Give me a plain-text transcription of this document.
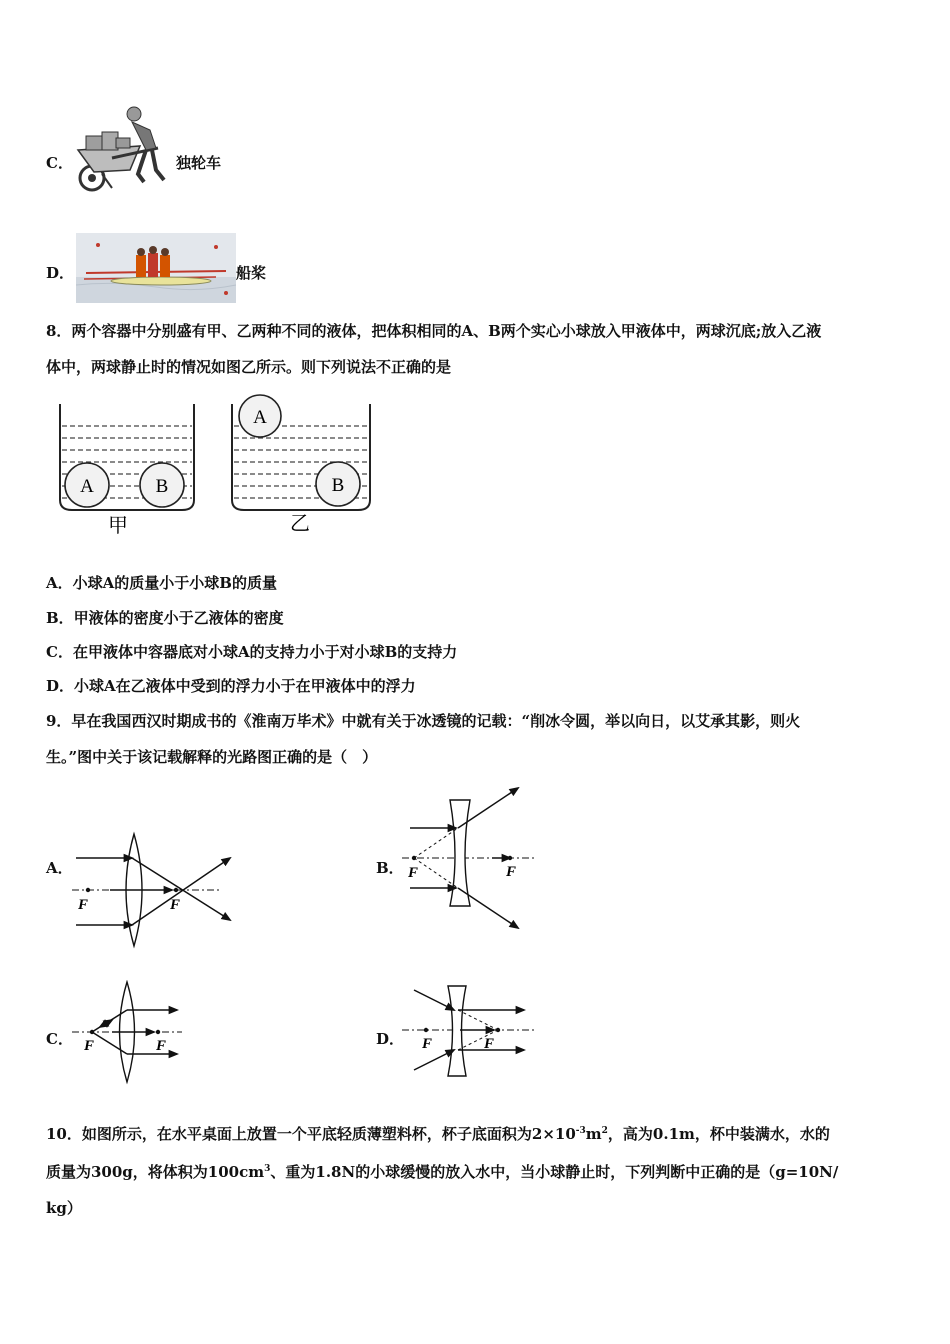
C．	独轮车
D．	船桨
8．两个容器中分别盛有甲、乙两种不同的液体，把体积相同的A、B两个实心小球放入甲液体中，两球沉底;放入乙液
体中，两球静止时的情况如图乙所示。则下列说法不正确的是
A	B
甲
A
B
乙
A．小球A的质量小于小球B的质量
B．甲液体的密度小于乙液体的密度
C．在甲液体中容器底对小球A的支持力小于对小球B的支持力
D．小球A在乙液体中受到的浮力小于在甲液体中的浮力
9．早在我国西汉时期成书的《淮南万毕术》中就有关于冰透镜的记载：“削冰令圆，举以向日，以艾承其影，则火
生。”图中关于该记载解释的光路图正确的是（　）
A．
F	F
B． F	F
C． F	F	D． F	F
10．如图所示，在水平桌面上放置一个平底轻质薄塑料杯，杯子底面积为$2\times 10^{-3}m^2$，高为0.1m，杯中装满水，水的
质量为300g，将体积为$100cm^3$、重为1.8N的小球缓慢的放入水中，当小球静止时，下列判断中正确的是（g=10N/
kg）
